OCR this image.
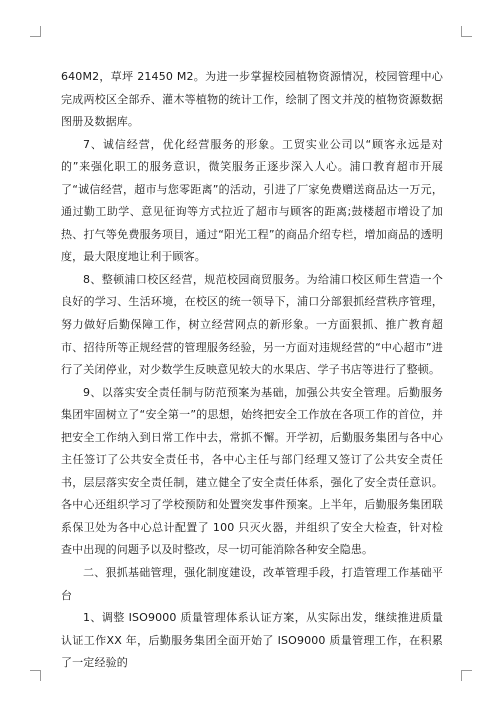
640M2，草坪 21450 M2。为进一步掌握校园植物资源情况，校园管理中心完成两校区全部乔、灌木等植物的统计工作，绘制了图文并茂的植物资源数据图册及数据库。

7、诚信经营，优化经营服务的形象。工贸实业公司以“顾客永远是对的”来强化职工的服务意识，微笑服务正逐步深入人心。浦口教育超市开展了“诚信经营，超市与您零距离”的活动，引进了厂家免费赠送商品达一万元，通过勤工助学、意见征询等方式拉近了超市与顾客的距离;鼓楼超市增设了加热、打气等免费服务项目，通过“阳光工程”的商品介绍专栏，增加商品的透明度，最大限度地让利于顾客。

8、整顿浦口校区经营，规范校园商贸服务。为给浦口校区师生营造一个良好的学习、生活环境，在校区的统一领导下，浦口分部狠抓经营秩序管理，努力做好后勤保障工作，树立经营网点的新形象。一方面狠抓、推广教育超市、招待所等正规经营的管理服务经验，另一方面对违规经营的“中心超市”进行了关闭停业，对少数学生反映意见较大的水果店、学子书店等进行了整顿。

9、以落实安全责任制与防范预案为基础，加强公共安全管理。后勤服务集团牢固树立了“安全第一”的思想，始终把安全工作放在各项工作的首位，并把安全工作纳入到日常工作中去，常抓不懈。开学初，后勤服务集团与各中心主任签订了公共安全责任书，各中心主任与部门经理又签订了公共安全责任书，层层落实安全责任制，建立健全了安全责任体系，强化了安全责任意识。各中心还组织学习了学校预防和处置突发事件预案。上半年，后勤服务集团联系保卫处为各中心总计配置了 100 只灭火器，并组织了安全大检查，针对检查中出现的问题予以及时整改，尽一切可能消除各种安全隐患。

二、狠抓基础管理，强化制度建设，改革管理手段，打造管理工作基础平台

1、调整 ISO9000 质量管理体系认证方案，从实际出发，继续推进质量认证工作XX 年，后勤服务集团全面开始了 ISO9000 质量管理工作，在积累了一定经验的
